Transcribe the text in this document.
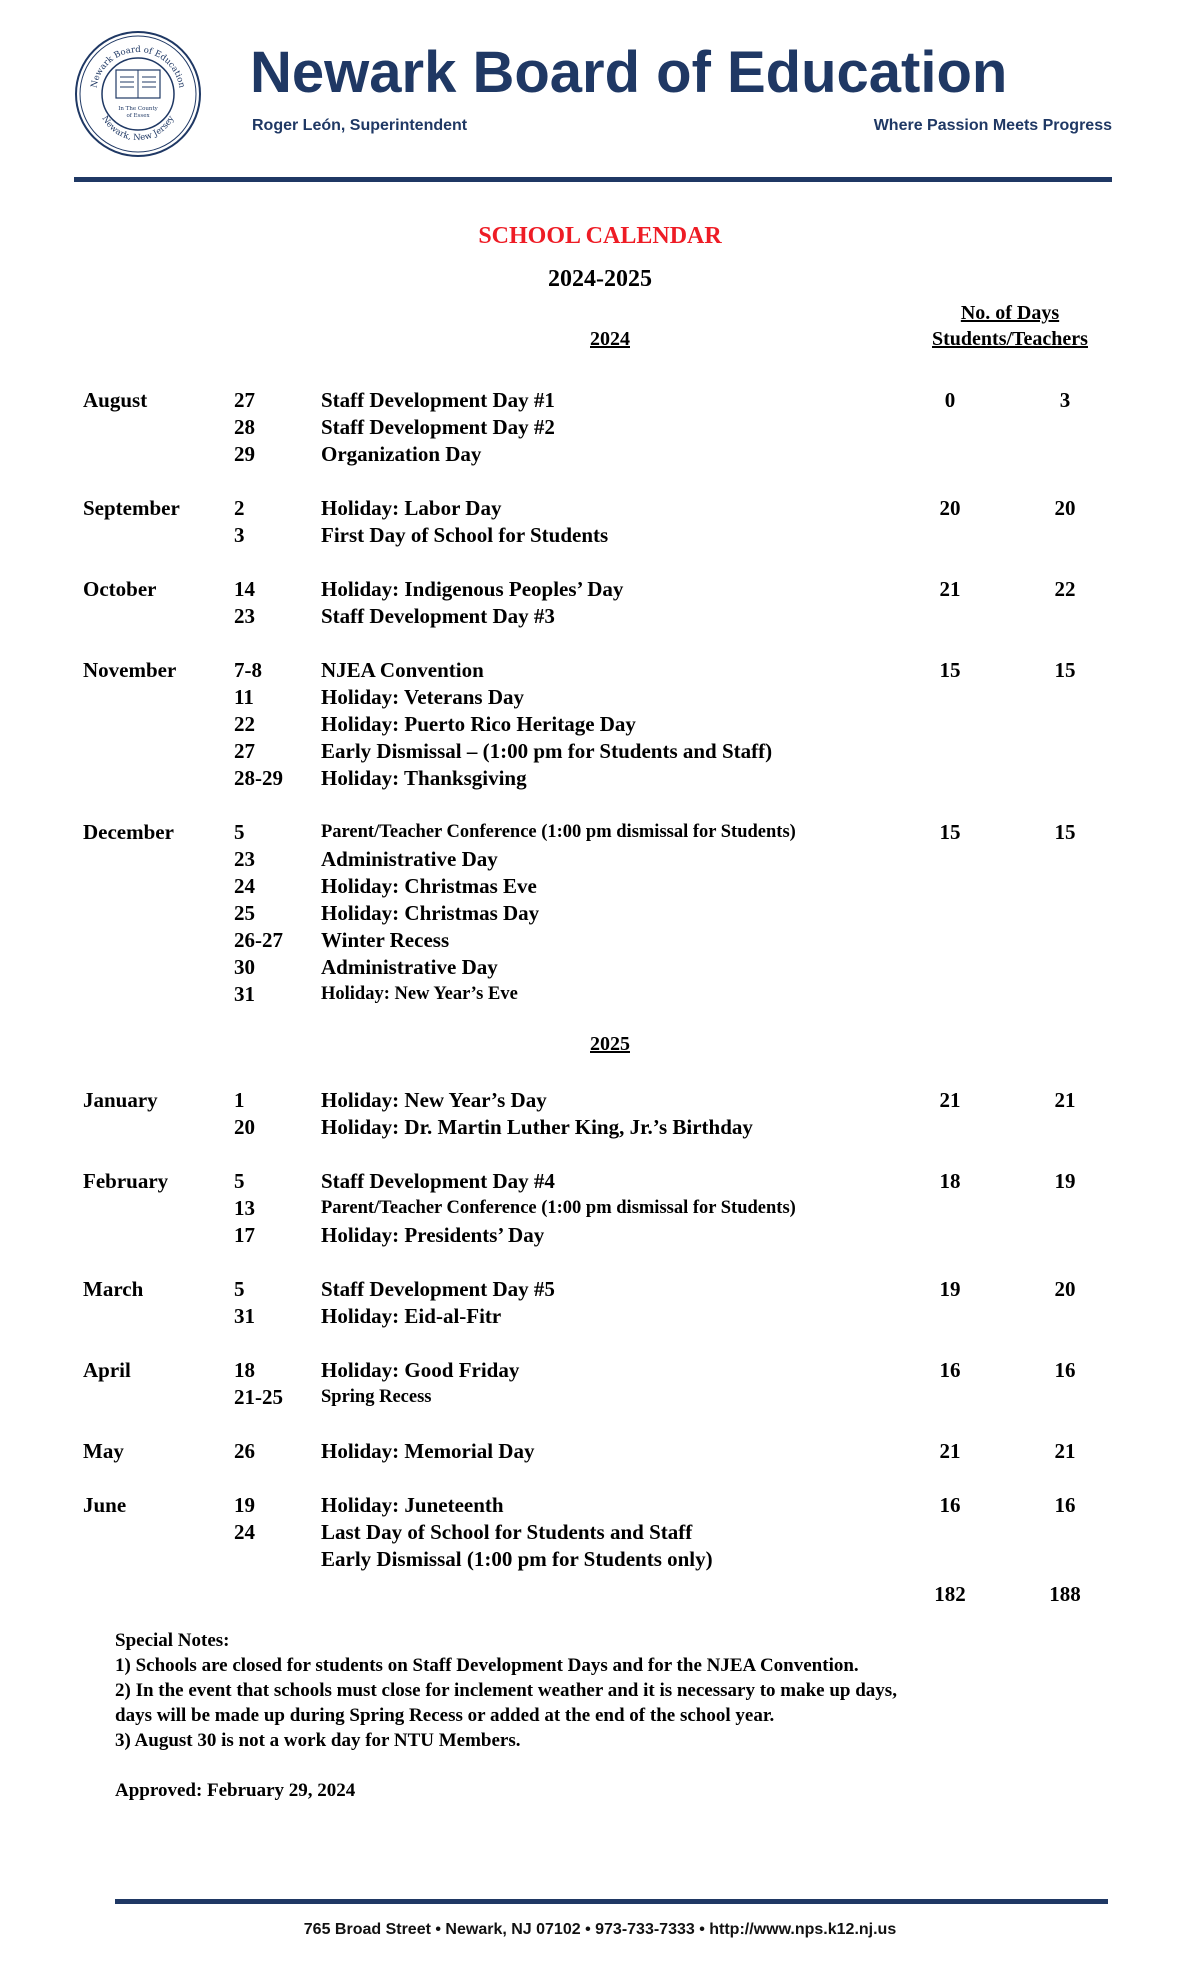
Newark Board of Education
Newark, New Jersey
In The County
of Essex
Newark Board of Education
Roger León, Superintendent	Where Passion Meets Progress
SCHOOL CALENDAR
2024-2025
No. of Days
Students/Teachers
2024
2025
August	27	Staff Development Day #1	0	3
28	Staff Development Day #2
29	Organization Day
September	2	Holiday: Labor Day	20	20
3	First Day of School for Students
October	14	Holiday: Indigenous Peoples’ Day	21	22
23	Staff Development Day #3
November	7-8	NJEA Convention	15	15
11	Holiday: Veterans Day
22	Holiday: Puerto Rico Heritage Day
27	Early Dismissal – (1:00 pm for Students and Staff)
28-29 Holiday: Thanksgiving
December	5	Parent/Teacher Conference (1:00 pm dismissal for Students)	15	15
23	Administrative Day
24	Holiday: Christmas Eve
25	Holiday: Christmas Day
26-27 Winter Recess
30	Administrative Day
31	Holiday: New Year’s Eve
January	1	Holiday: New Year’s Day	21	21
20	Holiday: Dr. Martin Luther King, Jr.’s Birthday
February	5	Staff Development Day #4	18	19
13	Parent/Teacher Conference (1:00 pm dismissal for Students)
17	Holiday: Presidents’ Day
March	5	Staff Development Day #5	19	20
31	Holiday: Eid-al-Fitr
April	18	Holiday: Good Friday	16	16
21-25 Spring Recess
May	26	Holiday: Memorial Day	21	21
June	19	Holiday: Juneteenth	16	16
24	Last Day of School for Students and Staff
Early Dismissal (1:00 pm for Students only)
182	188
Special Notes:
1) Schools are closed for students on Staff Development Days and for the NJEA Convention.
2) In the event that schools must close for inclement weather and it is necessary to make up days,
days will be made up during Spring Recess or added at the end of the school year.
3) August 30 is not a work day for NTU Members.
Approved: February 29, 2024
765 Broad Street • Newark, NJ 07102 • 973-733-7333 • http://www.nps.k12.nj.us
